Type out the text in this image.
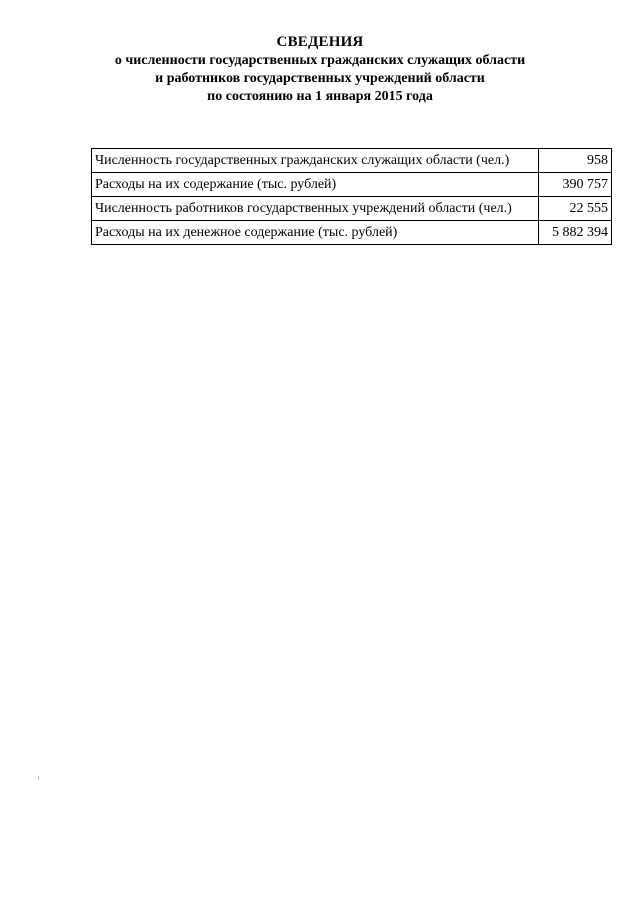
СВЕДЕНИЯ
о численности государственных гражданских служащих области
и работников государственных учреждений области
по состоянию на 1 января 2015 года
Численность государственных гражданских служащих области (чел.)	958
Расходы на их содержание (тыс. рублей)	390 757
Численность работников государственных учреждений области (чел.)	22 555
Расходы на их денежное содержание (тыс. рублей)	5 882 394
